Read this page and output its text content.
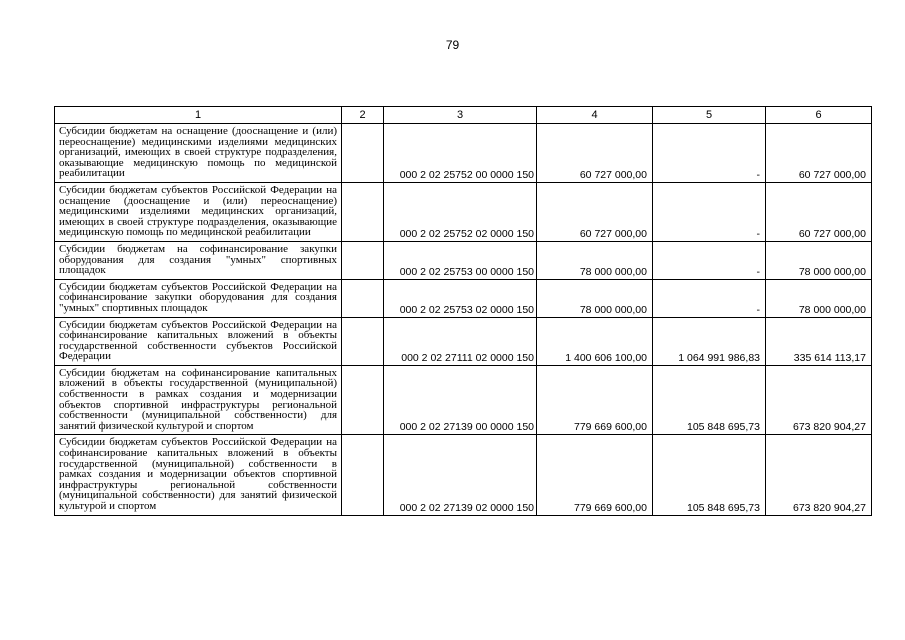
79
1	2	3	4	5	6
Субсидии бюджетам на оснащение (дооснащение и (или) переоснащение) медицинскими изделиями медицинских организаций, имеющих в своей структуре подразделения, оказывающие медицинскую помощь по медицинской реабилитации		000 2 02 25752 00 0000 150	60 727 000,00	-	60 727 000,00
Субсидии бюджетам субъектов Российской Федерации на оснащение (дооснащение и (или) переоснащение) медицинскими изделиями медицинских организаций, имеющих в своей структуре подразделения, оказывающие медицинскую помощь по медицинской реабилитации		000 2 02 25752 02 0000 150	60 727 000,00	-	60 727 000,00
Субсидии бюджетам на софинансирование закупки оборудования для создания "умных" спортивных площадок		000 2 02 25753 00 0000 150	78 000 000,00	-	78 000 000,00
Субсидии бюджетам субъектов Российской Федерации на софинансирование закупки оборудования для создания "умных" спортивных площадок		000 2 02 25753 02 0000 150	78 000 000,00	-	78 000 000,00
Субсидии бюджетам субъектов Российской Федерации на софинансирование капитальных вложений в объекты государственной собственности субъектов Российской Федерации		000 2 02 27111 02 0000 150	1 400 606 100,00	1 064 991 986,83	335 614 113,17
Субсидии бюджетам на софинансирование капитальных вложений в объекты государственной (муниципальной) собственности в рамках создания и модернизации объектов спортивной инфраструктуры региональной собственности (муниципальной собственности) для занятий физической культурой и спортом		000 2 02 27139 00 0000 150	779 669 600,00	105 848 695,73	673 820 904,27
Субсидии бюджетам субъектов Российской Федерации на софинансирование капитальных вложений в объекты государственной (муниципальной) собственности в рамках создания и модернизации объектов спортивной инфраструктуры региональной собственности (муниципальной собственности) для занятий физической культурой и спортом		000 2 02 27139 02 0000 150	779 669 600,00	105 848 695,73	673 820 904,27
